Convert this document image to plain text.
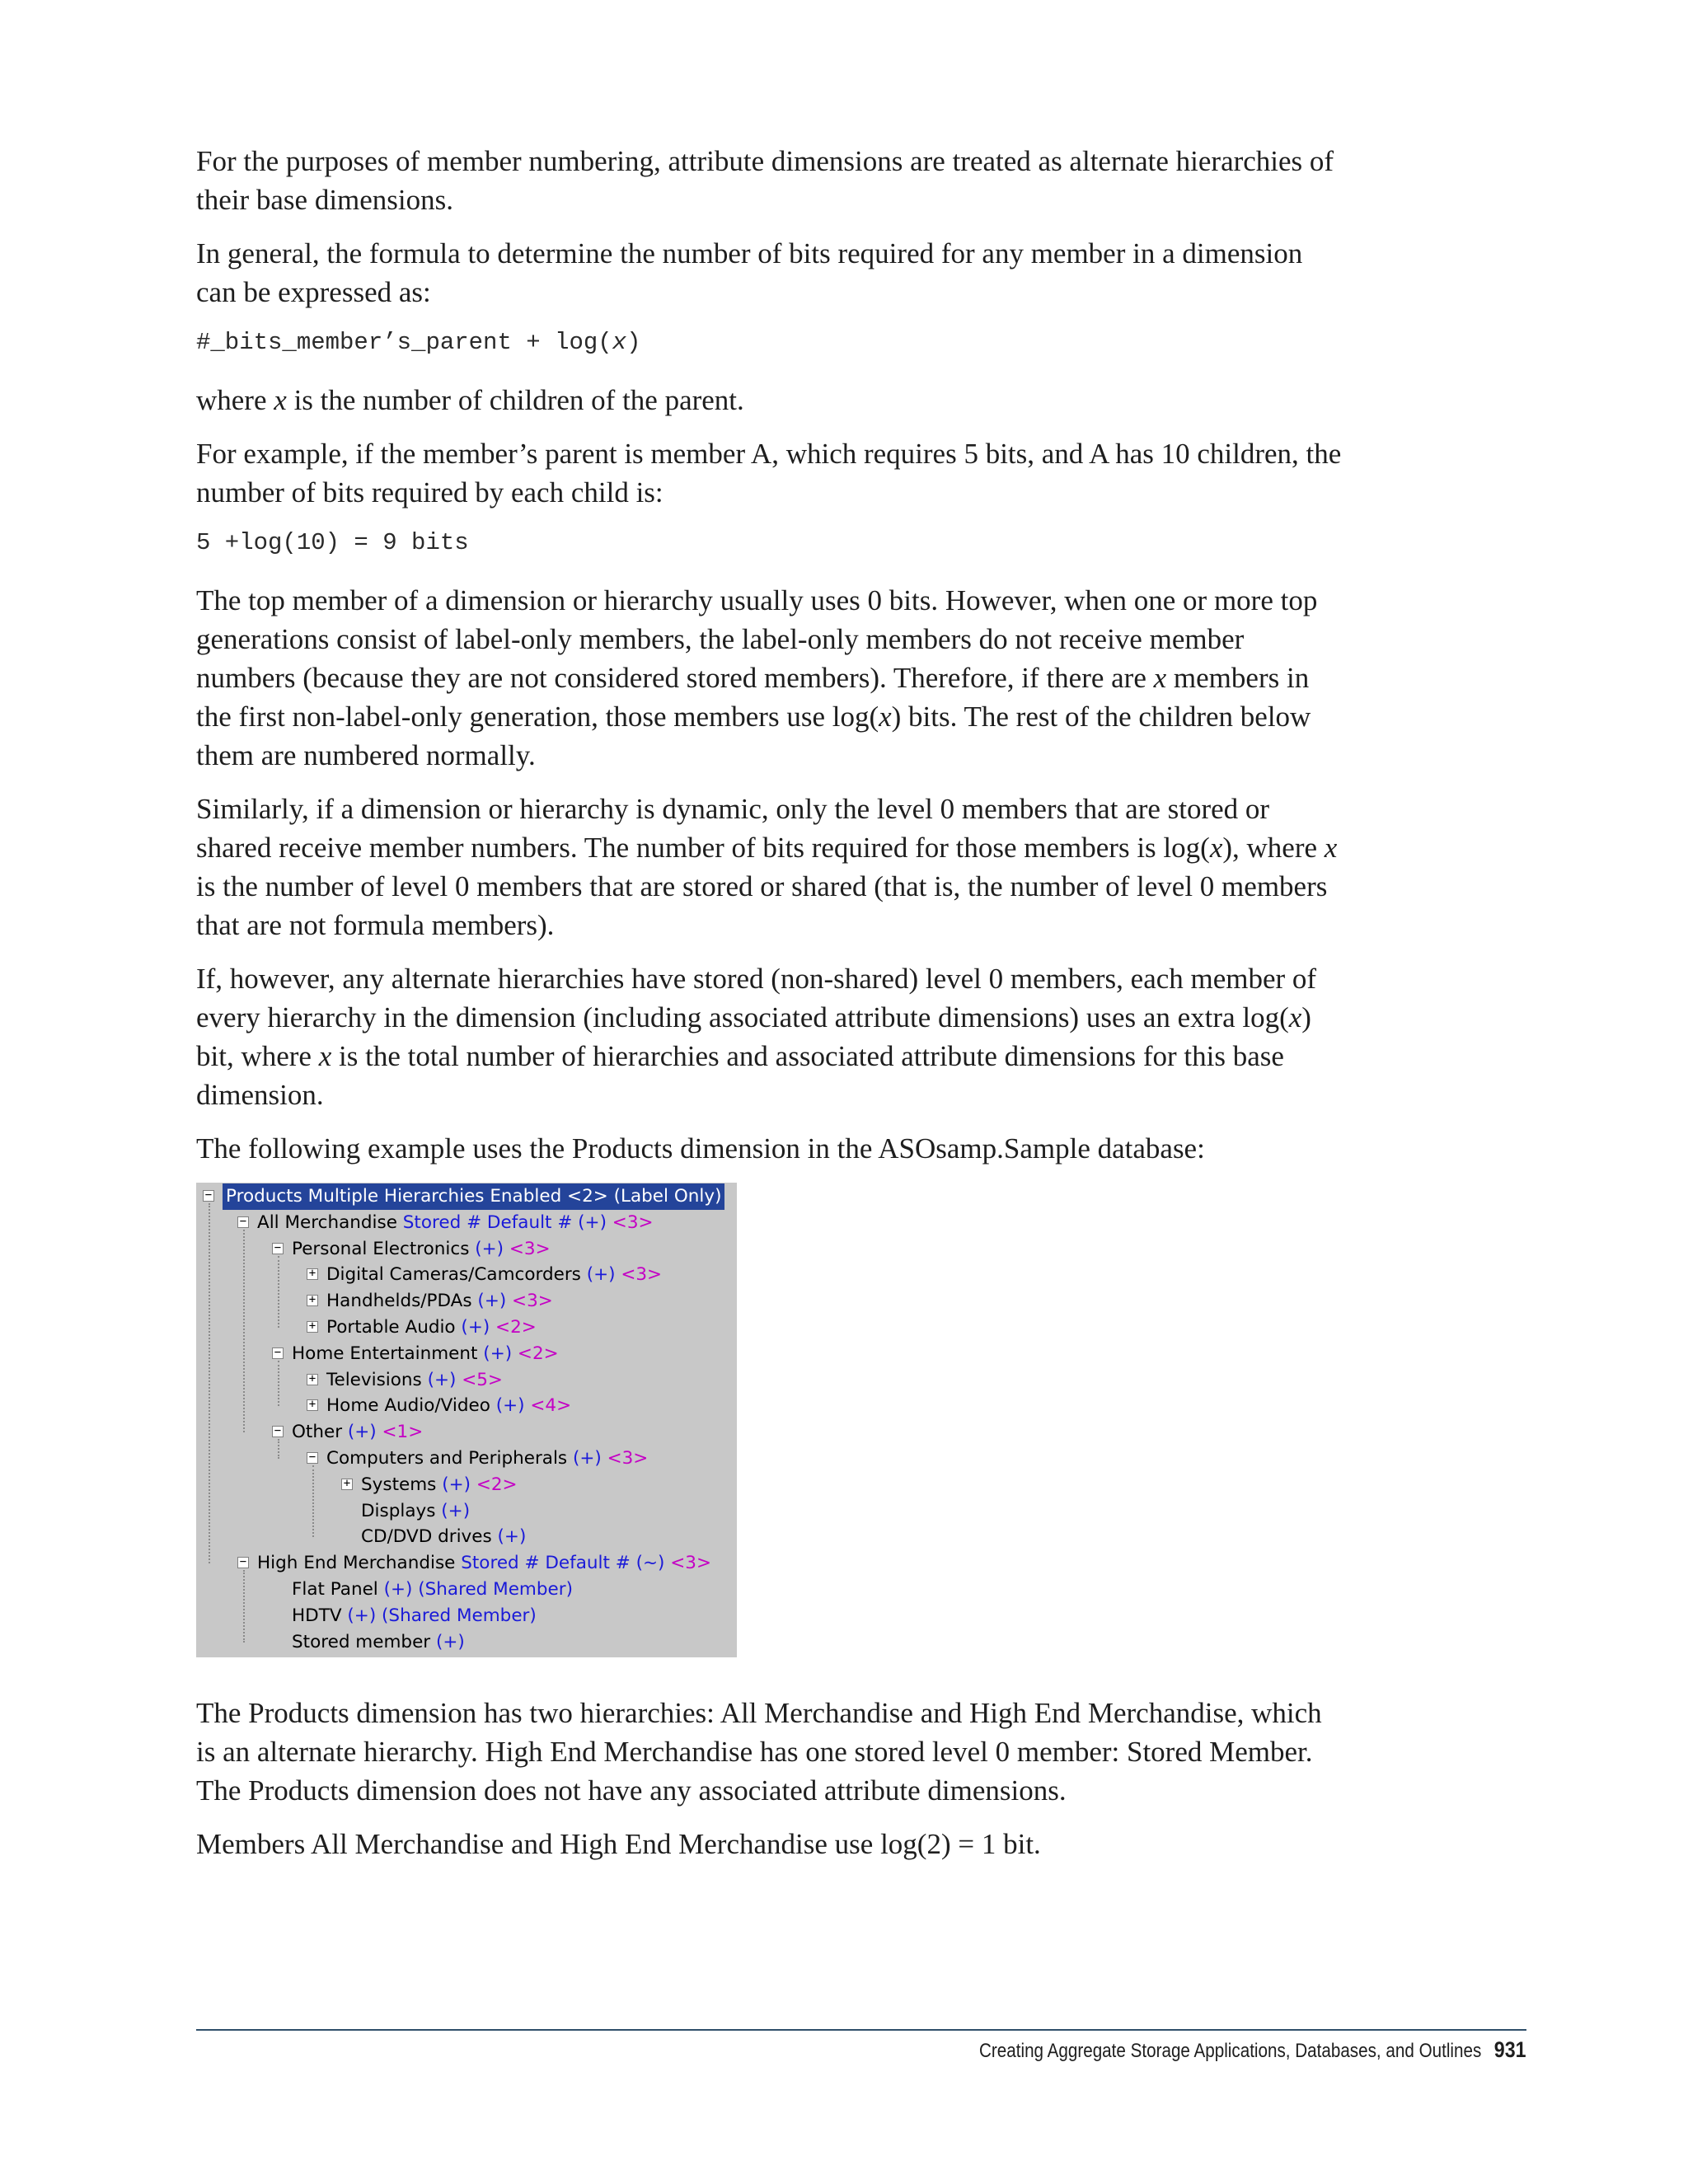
For the purposes of member numbering, attribute dimensions are treated as alternate hierarchies of their base dimensions.

In general, the formula to determine the number of bits required for any member in a dimension can be expressed as:

#_bits_member’s_parent + log(x)

where x is the number of children of the parent.

For example, if the member’s parent is member A, which requires 5 bits, and A has 10 children, the number of bits required by each child is:

5 +log(10) = 9 bits

The top member of a dimension or hierarchy usually uses 0 bits. However, when one or more top generations consist of label-only members, the label-only members do not receive member numbers (because they are not considered stored members). Therefore, if there are x members in the first non-label-only generation, those members use log(x) bits. The rest of the children below them are numbered normally.

Similarly, if a dimension or hierarchy is dynamic, only the level 0 members that are stored or shared receive member numbers. The number of bits required for those members is log(x), where x is the number of level 0 members that are stored or shared (that is, the number of level 0 members that are not formula members).

If, however, any alternate hierarchies have stored (non-shared) level 0 members, each member of every hierarchy in the dimension (including associated attribute dimensions) uses an extra log(x) bit, where x is the total number of hierarchies and associated attribute dimensions for this base dimension.

The following example uses the Products dimension in the ASOsamp.Sample database:

− Products Multiple Hierarchies Enabled <2> (Label Only)
− All Merchandise Stored # Default # (+) <3>
− Personal Electronics (+) <3>
+ Digital Cameras/Camcorders (+) <3>
+ Handhelds/PDAs (+) <3>
+ Portable Audio (+) <2>
− Home Entertainment (+) <2>
+ Televisions (+) <5>
+ Home Audio/Video (+) <4>
− Other (+) <1>
− Computers and Peripherals (+) <3>
+ Systems (+) <2>
Displays (+)
CD/DVD drives (+)
− High End Merchandise Stored # Default # (~) <3>
Flat Panel (+) (Shared Member)
HDTV (+) (Shared Member)
Stored member (+)

The Products dimension has two hierarchies: All Merchandise and High End Merchandise, which is an alternate hierarchy. High End Merchandise has one stored level 0 member: Stored Member. The Products dimension does not have any associated attribute dimensions.

Members All Merchandise and High End Merchandise use log(2) = 1 bit.

Creating Aggregate Storage Applications, Databases, and Outlines 931
